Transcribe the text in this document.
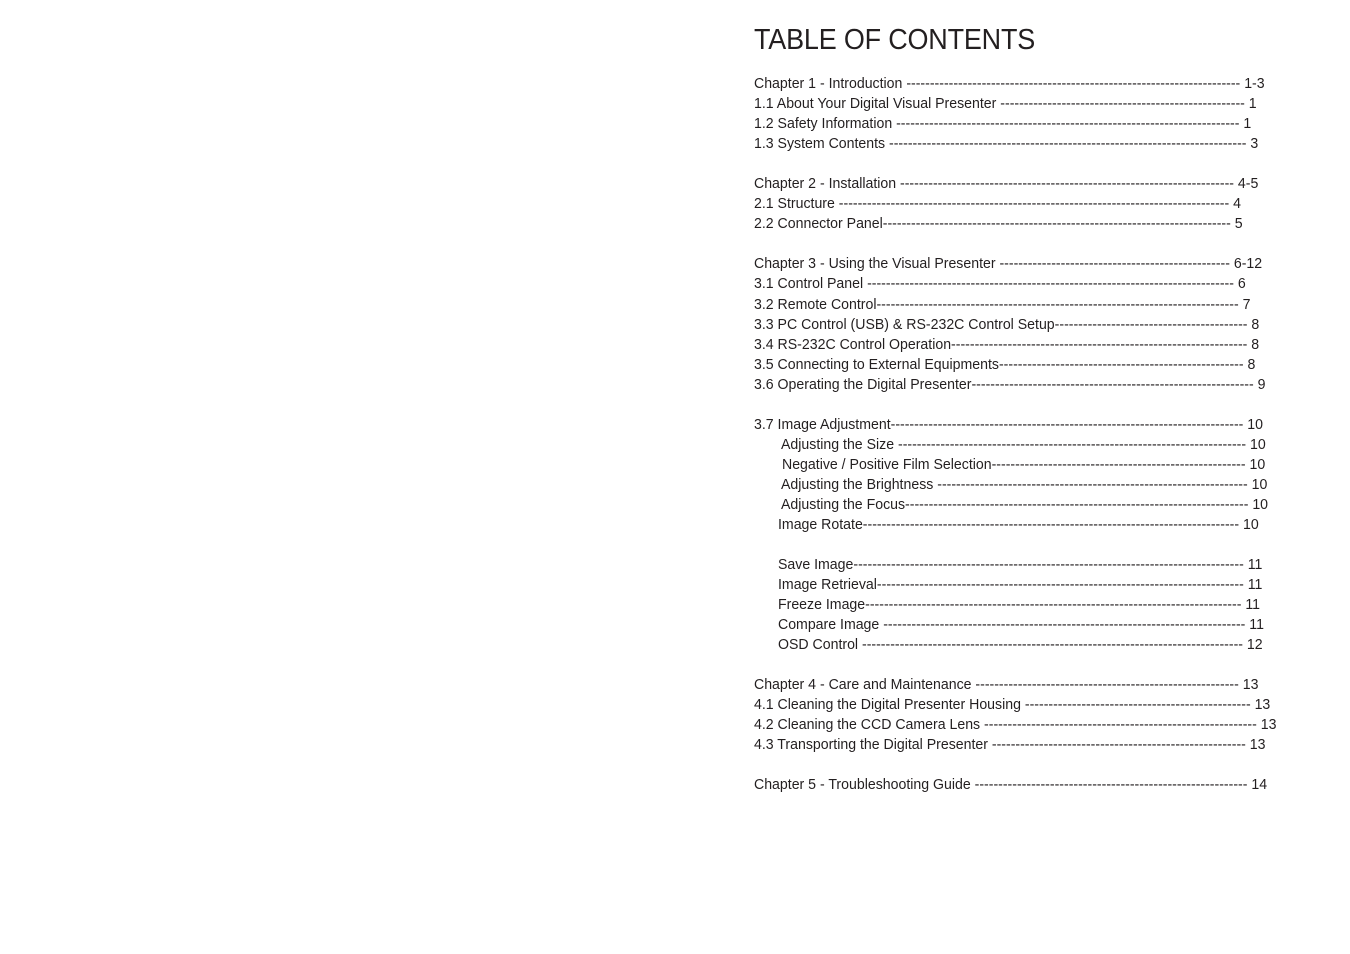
TABLE OF CONTENTS
Chapter 1 - Introduction ----------------------------------------------------------------------- 1-3
1.1 About Your Digital Visual Presenter ---------------------------------------------------- 1
1.2 Safety Information ------------------------------------------------------------------------- 1
1.3 System Contents ---------------------------------------------------------------------------- 3
Chapter 2 - Installation ----------------------------------------------------------------------- 4-5
2.1 Structure ----------------------------------------------------------------------------------- 4
2.2 Connector Panel-------------------------------------------------------------------------- 5
Chapter 3 - Using the Visual Presenter ------------------------------------------------- 6-12
3.1 Control Panel ------------------------------------------------------------------------------ 6
3.2 Remote Control----------------------------------------------------------------------------- 7
3.3 PC Control (USB) & RS-232C Control Setup----------------------------------------- 8
3.4 RS-232C Control Operation--------------------------------------------------------------- 8
3.5 Connecting to External Equipments---------------------------------------------------- 8
3.6 Operating the Digital Presenter------------------------------------------------------------ 9
3.7 Image Adjustment--------------------------------------------------------------------------- 10
Adjusting the Size -------------------------------------------------------------------------- 10
Negative / Positive Film Selection------------------------------------------------------ 10
Adjusting the Brightness ------------------------------------------------------------------ 10
Adjusting the Focus------------------------------------------------------------------------- 10
Image Rotate-------------------------------------------------------------------------------- 10
Save Image----------------------------------------------------------------------------------- 11
Image Retrieval------------------------------------------------------------------------------ 11
Freeze Image-------------------------------------------------------------------------------- 11
Compare Image ----------------------------------------------------------------------------- 11
OSD Control --------------------------------------------------------------------------------- 12
Chapter 4 - Care and Maintenance -------------------------------------------------------- 13
4.1 Cleaning the Digital Presenter Housing ------------------------------------------------ 13
4.2 Cleaning the CCD Camera Lens ---------------------------------------------------------- 13
4.3 Transporting the Digital Presenter ------------------------------------------------------ 13
Chapter 5 - Troubleshooting Guide ---------------------------------------------------------- 14
